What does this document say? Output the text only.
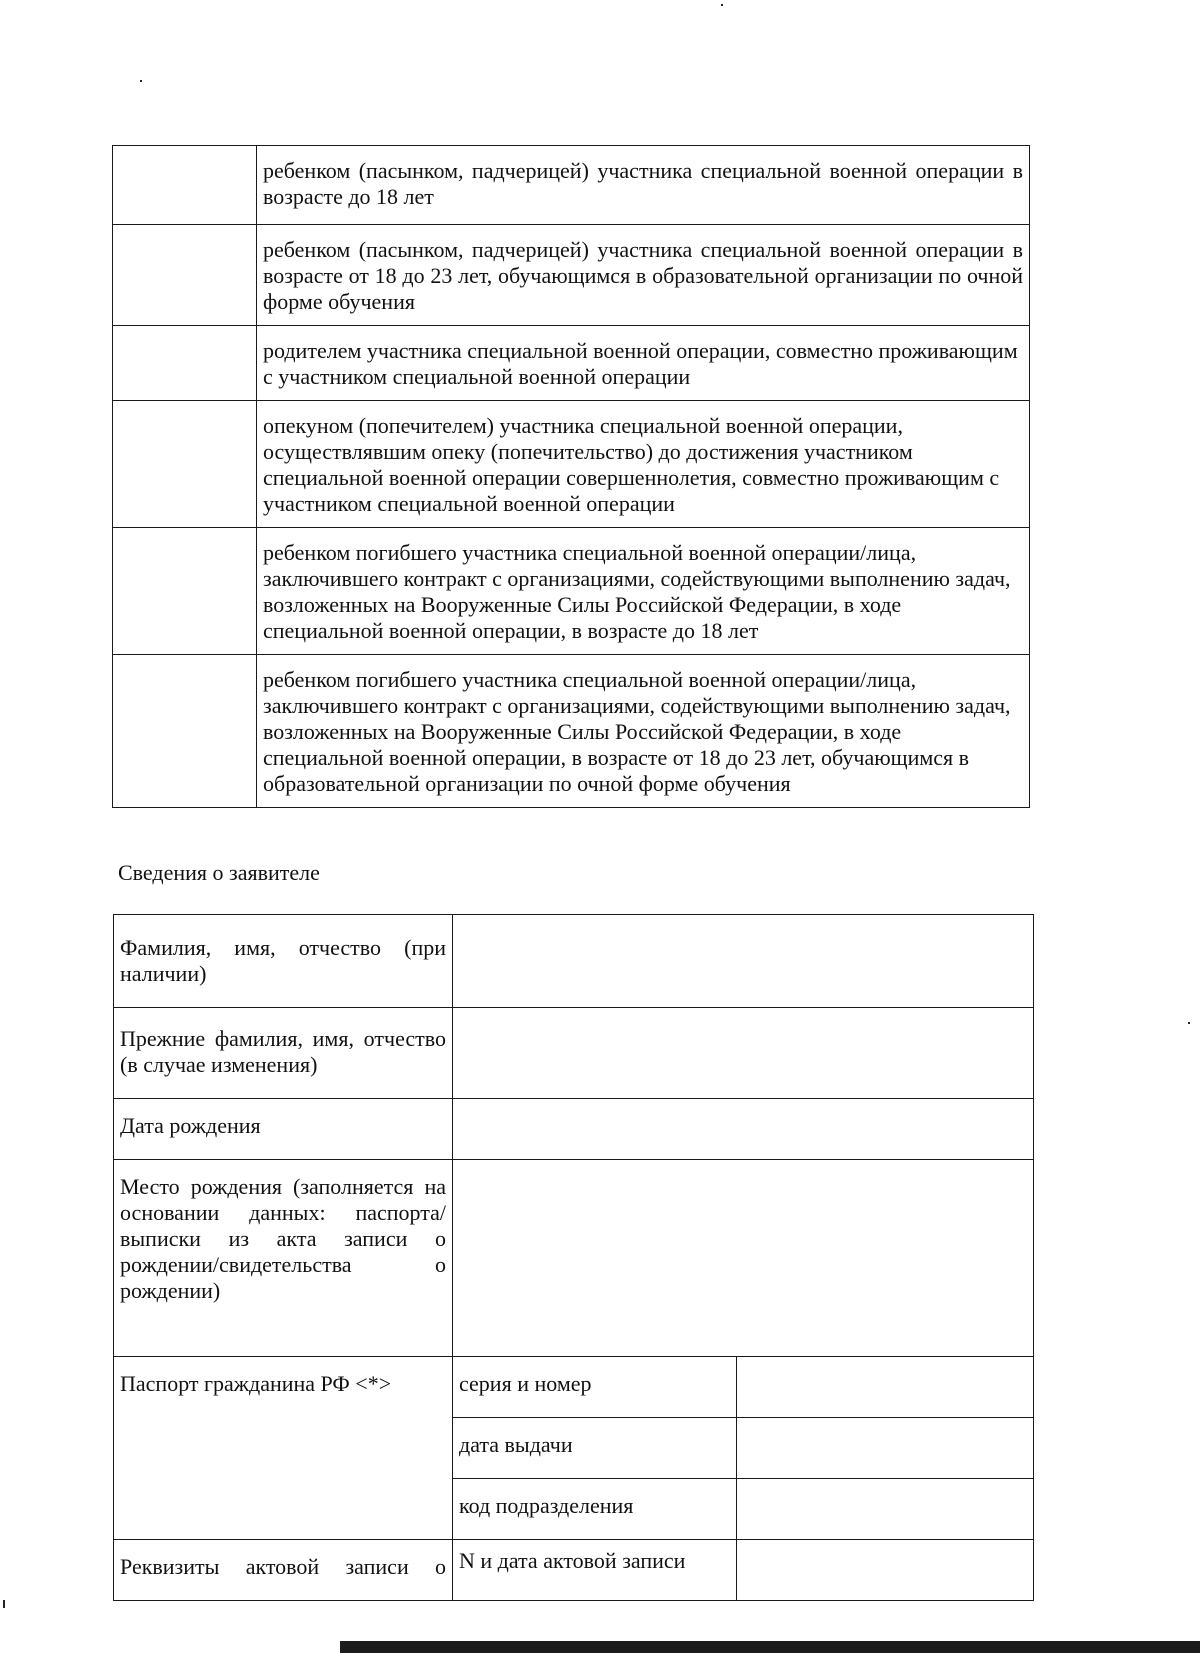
	ребенком (пасынком, падчерицей) участника специальной военной операции в возрасте до 18 лет
	ребенком (пасынком, падчерицей) участника специальной военной операции в возрасте от 18 до 23 лет, обучающимся в образовательной организации по очной форме обучения
	родителем участника специальной военной операции, совместно проживающим с участником специальной военной операции
	опекуном (попечителем) участника специальной военной операции, осуществлявшим опеку (попечительство) до достижения участником специальной военной операции совершеннолетия, совместно проживающим с участником специальной военной операции
	ребенком погибшего участника специальной военной операции/лица, заключившего контракт с организациями, содействующими выполнению задач, возложенных на Вооруженные Силы Российской Федерации, в ходе специальной военной операции, в возрасте до 18 лет
	ребенком погибшего участника специальной военной операции/лица, заключившего контракт с организациями, содействующими выполнению задач, возложенных на Вооруженные Силы Российской Федерации, в ходе специальной военной операции, в возрасте от 18 до 23 лет, обучающимся в образовательной организации по очной форме обучения
Сведения о заявителе
Фамилия, имя, отчество (при наличии)		
Прежние фамилия, имя, отчество (в случае изменения)		
Дата рождения		
Место рождения (заполняется на основании данных: паспорта/выписки из акта записи о рождении/свидетельства о рождении)		
Паспорт гражданина РФ <*>	серия и номер	
	дата выдачи	
	код подразделения	
Реквизиты актовой записи о	N и дата актовой записи	
